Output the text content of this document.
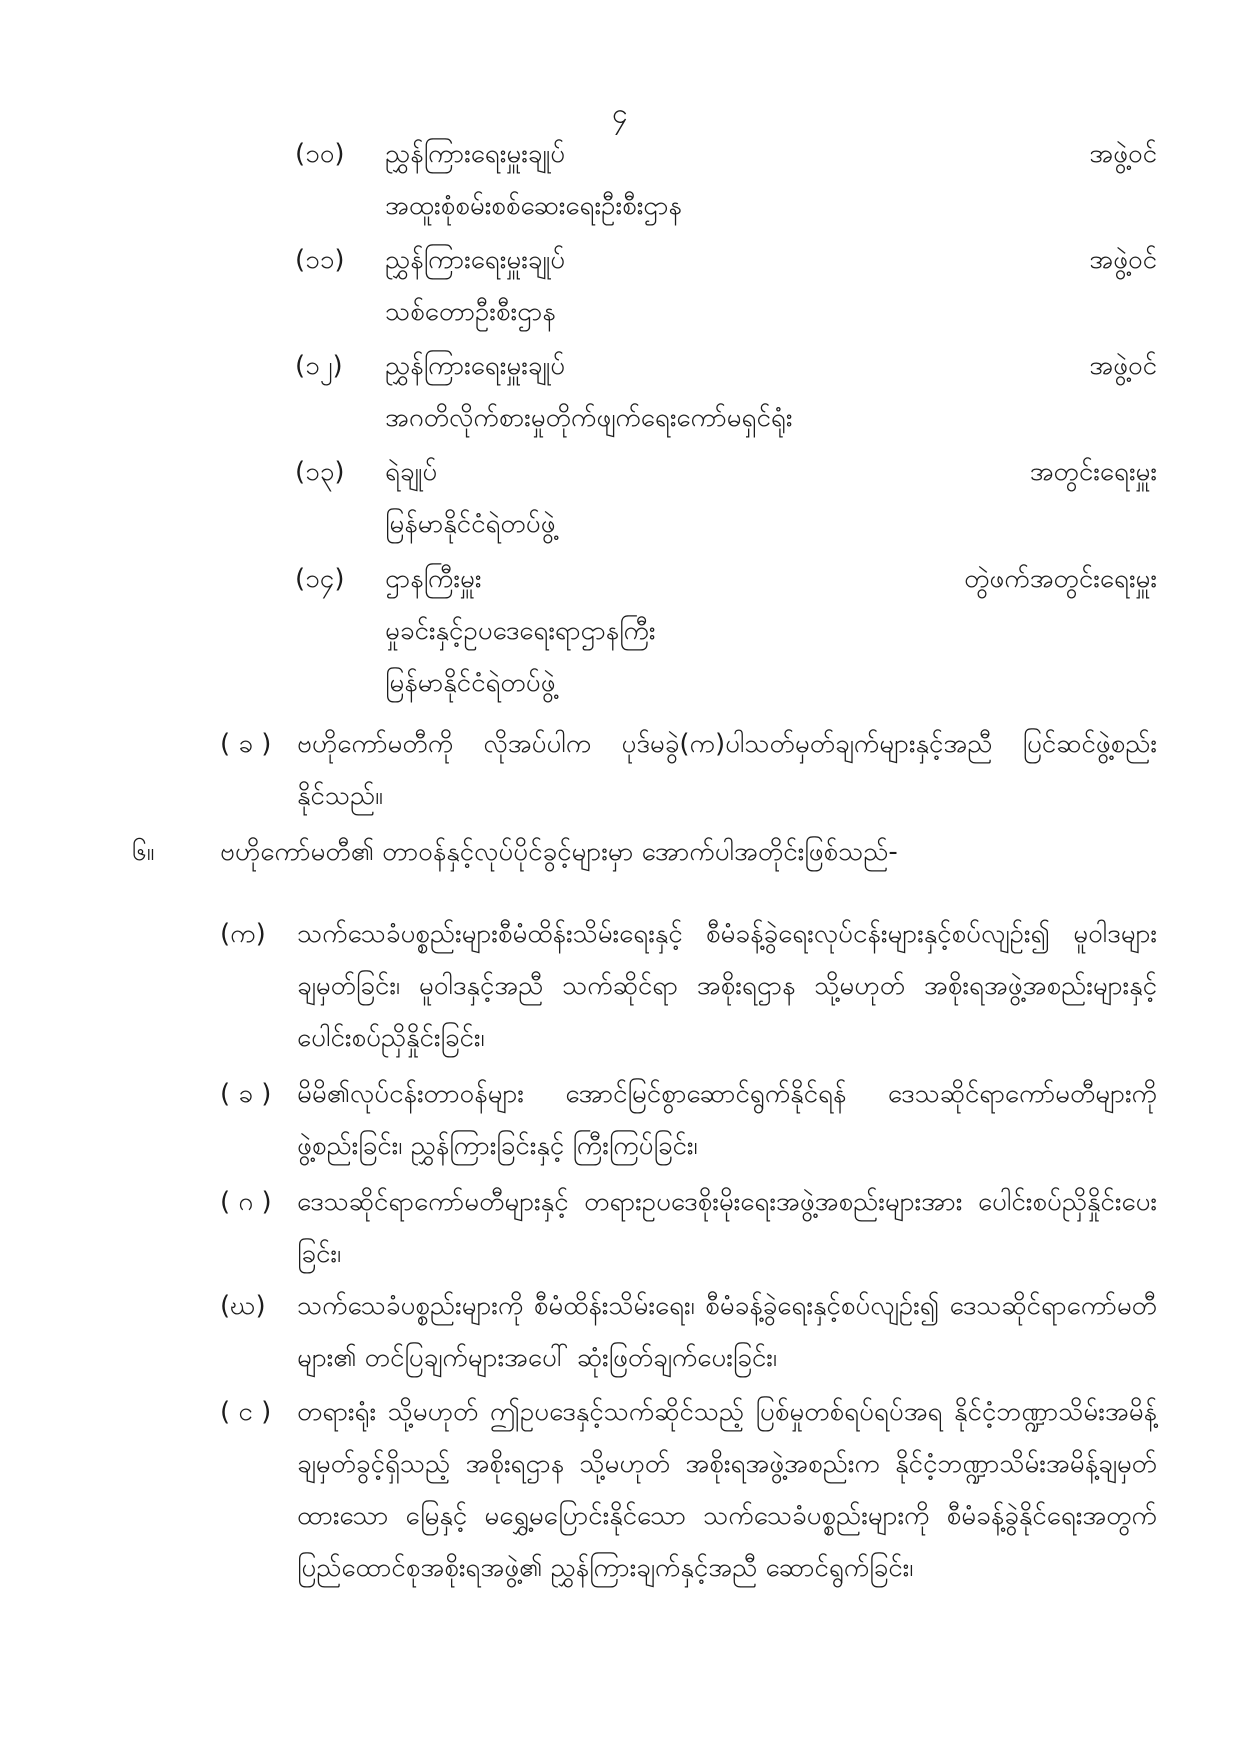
၄
(၁၀) ညွှန်ကြားရေးမှူးချုပ်
အထူးစုံစမ်းစစ်ဆေးရေးဦးစီးဌာန
အဖွဲ့ဝင်
(၁၁) ညွှန်ကြားရေးမှူးချုပ်
သစ်တောဦးစီးဌာန
အဖွဲ့ဝင်
(၁၂) ညွှန်ကြားရေးမှူးချုပ်
အဂတိလိုက်စားမှုတိုက်ဖျက်ရေးကော်မရှင်ရုံး
အဖွဲ့ဝင်
(၁၃) ရဲချုပ်
မြန်မာနိုင်ငံရဲတပ်ဖွဲ့
အတွင်းရေးမှူး
(၁၄) ဌာနကြီးမှူး
မှုခင်းနှင့်ဥပဒေရေးရာဌာနကြီး
မြန်မာနိုင်ငံရဲတပ်ဖွဲ့
တွဲဖက်အတွင်းရေးမှူး
( ခ ) ဗဟိုကော်မတီကို လိုအပ်ပါက ပုဒ်မခွဲ(က)ပါသတ်မှတ်ချက်များနှင့်အညီ ပြင်ဆင်ဖွဲ့စည်းနိုင်သည်။
၆။	ဗဟိုကော်မတီ၏ တာဝန်နှင့်လုပ်ပိုင်ခွင့်များမှာ အောက်ပါအတိုင်းဖြစ်သည်-
(က) သက်သေခံပစ္စည်းများစီမံထိန်းသိမ်းရေးနှင့် စီမံခန့်ခွဲရေးလုပ်ငန်းများနှင့်စပ်လျဉ်း၍ မူဝါဒများချမှတ်ခြင်း၊ မူဝါဒနှင့်အညီ သက်ဆိုင်ရာ အစိုးရဌာန သို့မဟုတ် အစိုးရအဖွဲ့အစည်းများနှင့် ပေါင်းစပ်ညှိနှိုင်းခြင်း၊
( ခ ) မိမိ၏လုပ်ငန်းတာဝန်များ အောင်မြင်စွာဆောင်ရွက်နိုင်ရန် ဒေသဆိုင်ရာကော်မတီများကို ဖွဲ့စည်းခြင်း၊ ညွှန်ကြားခြင်းနှင့် ကြီးကြပ်ခြင်း၊
( ဂ ) ဒေသဆိုင်ရာကော်မတီများနှင့် တရားဥပဒေစိုးမိုးရေးအဖွဲ့အစည်းများအား ပေါင်းစပ်ညှိနှိုင်းပေးခြင်း၊
(ဃ) သက်သေခံပစ္စည်းများကို စီမံထိန်းသိမ်းရေး၊ စီမံခန့်ခွဲရေးနှင့်စပ်လျဉ်း၍ ဒေသဆိုင်ရာကော်မတီများ၏ တင်ပြချက်များအပေါ် ဆုံးဖြတ်ချက်ပေးခြင်း၊
( င ) တရားရုံး သို့မဟုတ် ဤဥပဒေနှင့်သက်ဆိုင်သည့် ပြစ်မှုတစ်ရပ်ရပ်အရ နိုင်ငံ့ဘဏ္ဍာသိမ်းအမိန့်ချမှတ်ခွင့်ရှိသည့် အစိုးရဌာန သို့မဟုတ် အစိုးရအဖွဲ့အစည်းက နိုင်ငံ့ဘဏ္ဍာသိမ်းအမိန့်ချမှတ်ထားသော မြေနှင့် မရွှေ့မပြောင်းနိုင်သော သက်သေခံပစ္စည်းများကို စီမံခန့်ခွဲနိုင်ရေးအတွက် ပြည်ထောင်စုအစိုးရအဖွဲ့၏ ညွှန်ကြားချက်နှင့်အညီ ဆောင်ရွက်ခြင်း၊
